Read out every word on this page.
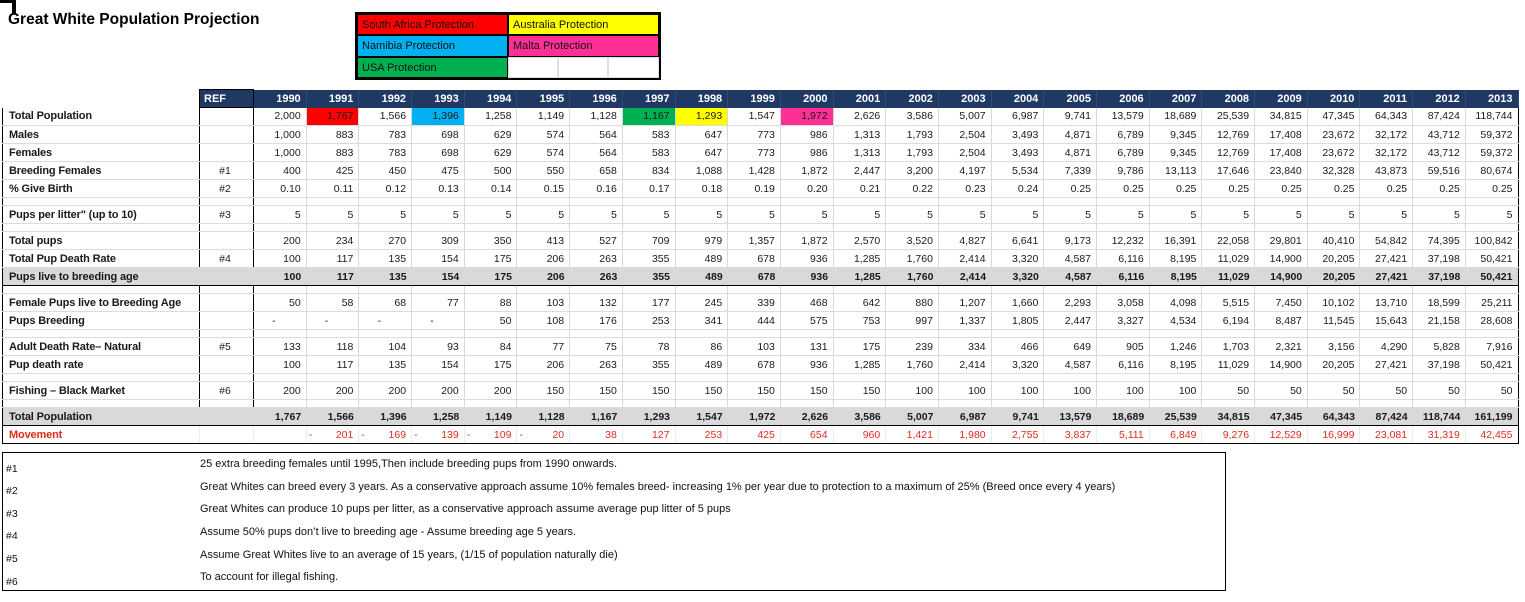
Great White Population Projection	South Africa Protection	Australia Protection
Namibia Protection	Malta Protection
USA Protection
	REF	1990	1991	1992	1993	1994	1995	1996	1997	1998	1999	2000	2001	2002	2003	2004	2005	2006	2007	2008	2009	2010	2011	2012	2013
Total Population		2,000	1,767	1,566	1,396	1,258	1,149	1,128	1,167	1,293	1,547	1,972	2,626	3,586	5,007	6,987	9,741	13,579	18,689	25,539	34,815	47,345	64,343	87,424	118,744
Males		1,000	883	783	698	629	574	564	583	647	773	986	1,313	1,793	2,504	3,493	4,871	6,789	9,345	12,769	17,408	23,672	32,172	43,712	59,372
Females		1,000	883	783	698	629	574	564	583	647	773	986	1,313	1,793	2,504	3,493	4,871	6,789	9,345	12,769	17,408	23,672	32,172	43,712	59,372
Breeding Females	#1	400	425	450	475	500	550	658	834	1,088	1,428	1,872	2,447	3,200	4,197	5,534	7,339	9,786	13,113	17,646	23,840	32,328	43,873	59,516	80,674
% Give Birth	#2	0.10	0.11	0.12	0.13	0.14	0.15	0.16	0.17	0.18	0.19	0.20	0.21	0.22	0.23	0.24	0.25	0.25	0.25	0.25	0.25	0.25	0.25	0.25	0.25

Pups per litter" (up to 10)	#3	5	5	5	5	5	5	5	5	5	5	5	5	5	5	5	5	5	5	5	5	5	5	5	5

Total pups		200	234	270	309	350	413	527	709	979	1,357	1,872	2,570	3,520	4,827	6,641	9,173	12,232	16,391	22,058	29,801	40,410	54,842	74,395	100,842
Total Pup Death Rate	#4	100	117	135	154	175	206	263	355	489	678	936	1,285	1,760	2,414	3,320	4,587	6,116	8,195	11,029	14,900	20,205	27,421	37,198	50,421
Pups live to breeding age		100	117	135	154	175	206	263	355	489	678	936	1,285	1,760	2,414	3,320	4,587	6,116	8,195	11,029	14,900	20,205	27,421	37,198	50,421

Female Pups live to Breeding Age		50	58	68	77	88	103	132	177	245	339	468	642	880	1,207	1,660	2,293	3,058	4,098	5,515	7,450	10,102	13,710	18,599	25,211
Pups Breeding		-	-	-	-	50	108	176	253	341	444	575	753	997	1,337	1,805	2,447	3,327	4,534	6,194	8,487	11,545	15,643	21,158	28,608

Adult Death Rate– Natural	#5	133	118	104	93	84	77	75	78	86	103	131	175	239	334	466	649	905	1,246	1,703	2,321	3,156	4,290	5,828	7,916
Pup death rate		100	117	135	154	175	206	263	355	489	678	936	1,285	1,760	2,414	3,320	4,587	6,116	8,195	11,029	14,900	20,205	27,421	37,198	50,421

Fishing – Black Market	#6	200	200	200	200	200	150	150	150	150	150	150	150	100	100	100	100	100	100	50	50	50	50	50	50

Total Population		1,767	1,566	1,396	1,258	1,149	1,128	1,167	1,293	1,547	1,972	2,626	3,586	5,007	6,987	9,741	13,579	18,689	25,539	34,815	47,345	64,343	87,424	118,744	161,199
Movement			- 201	- 169	- 139	- 109	- 20	38	127	253	425	654	960	1,421	1,980	2,755	3,837	5,111	6,849	9,276	12,529	16,999	23,081	31,319	42,455
#1	25 extra breeding females until 1995,Then include breeding pups from 1990 onwards.
#2	Great Whites can breed every 3 years. As a conservative approach assume 10% females breed- increasing 1% per year due to protection to a maximum of 25% (Breed once every 4 years)
#3	Great Whites can produce 10 pups per litter, as a conservative approach assume average pup litter of 5 pups
#4	Assume 50% pups don’t live to breeding age - Assume breeding age 5 years.
#5	Assume Great Whites live to an average of 15 years, (1/15 of population naturally die)
#6	To account for illegal fishing.
